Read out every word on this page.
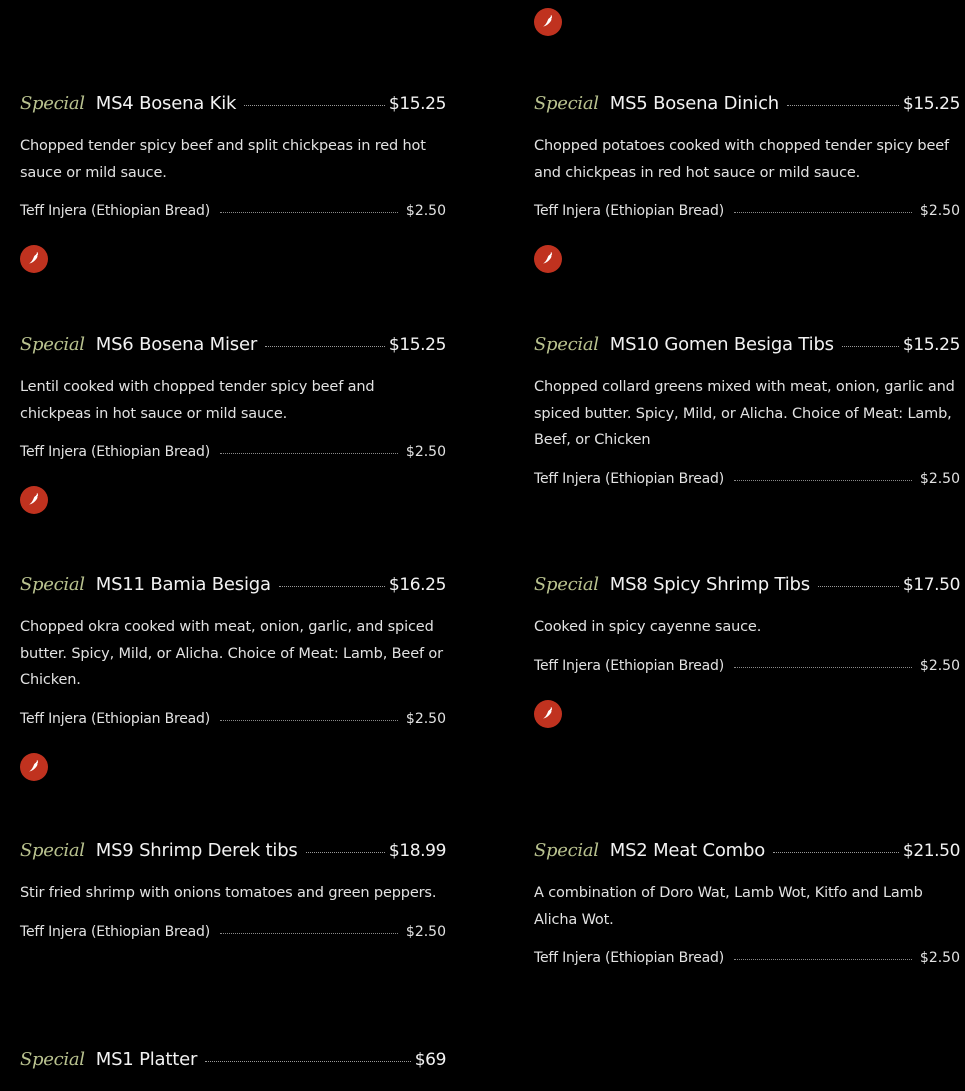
Special MS4 Bosena Kik	$15.25
Chopped tender spicy beef and split chickpeas in red hot sauce or mild sauce.
Teff Injera (Ethiopian Bread)	$2.50
Special MS5 Bosena Dinich	$15.25
Chopped potatoes cooked with chopped tender spicy beef and chickpeas in red hot sauce or mild sauce.
Teff Injera (Ethiopian Bread)	$2.50
Special MS6 Bosena Miser	$15.25
Lentil cooked with chopped tender spicy beef and chickpeas in hot sauce or mild sauce.
Teff Injera (Ethiopian Bread)	$2.50
Special MS10 Gomen Besiga Tibs	$15.25
Chopped collard greens mixed with meat, onion, garlic and spiced butter. Spicy, Mild, or Alicha. Choice of Meat: Lamb, Beef, or Chicken
Teff Injera (Ethiopian Bread)	$2.50
Special MS11 Bamia Besiga	$16.25
Chopped okra cooked with meat, onion, garlic, and spiced butter. Spicy, Mild, or Alicha. Choice of Meat: Lamb, Beef or Chicken.
Teff Injera (Ethiopian Bread)	$2.50
Special MS8 Spicy Shrimp Tibs	$17.50
Cooked in spicy cayenne sauce.
Teff Injera (Ethiopian Bread)	$2.50
Special MS9 Shrimp Derek tibs	$18.99
Stir fried shrimp with onions tomatoes and green peppers.
Teff Injera (Ethiopian Bread)	$2.50
Special MS2 Meat Combo	$21.50
A combination of Doro Wat, Lamb Wot, Kitfo and Lamb Alicha Wot.
Teff Injera (Ethiopian Bread)	$2.50
Special MS1 Platter	$69
